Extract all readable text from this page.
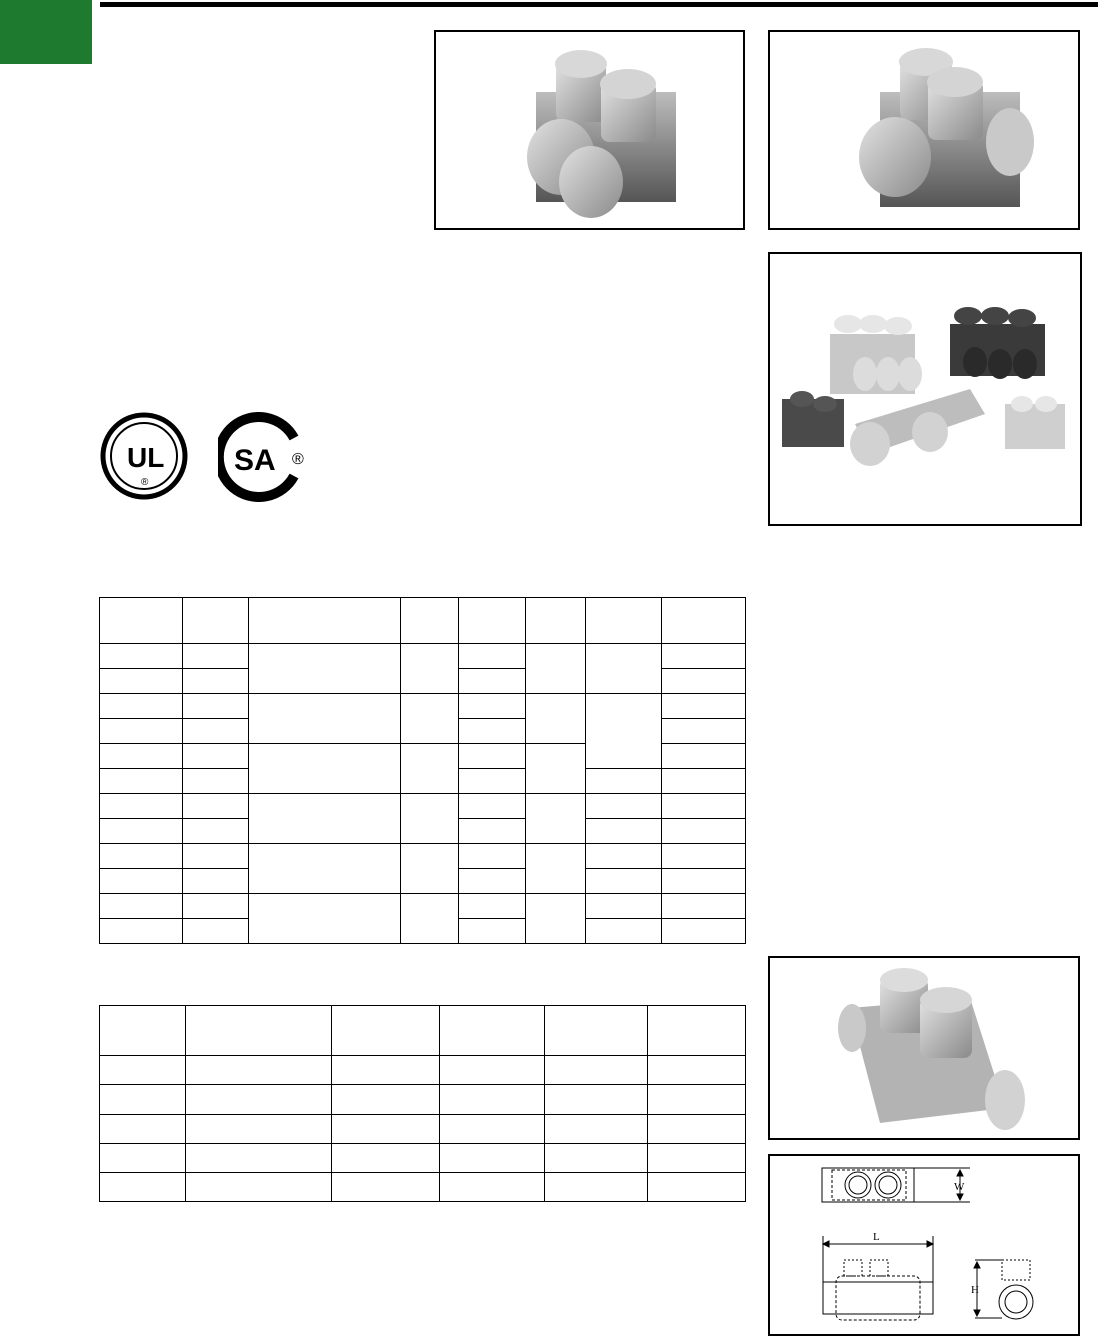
UL
®
SA ®

W
L
H
